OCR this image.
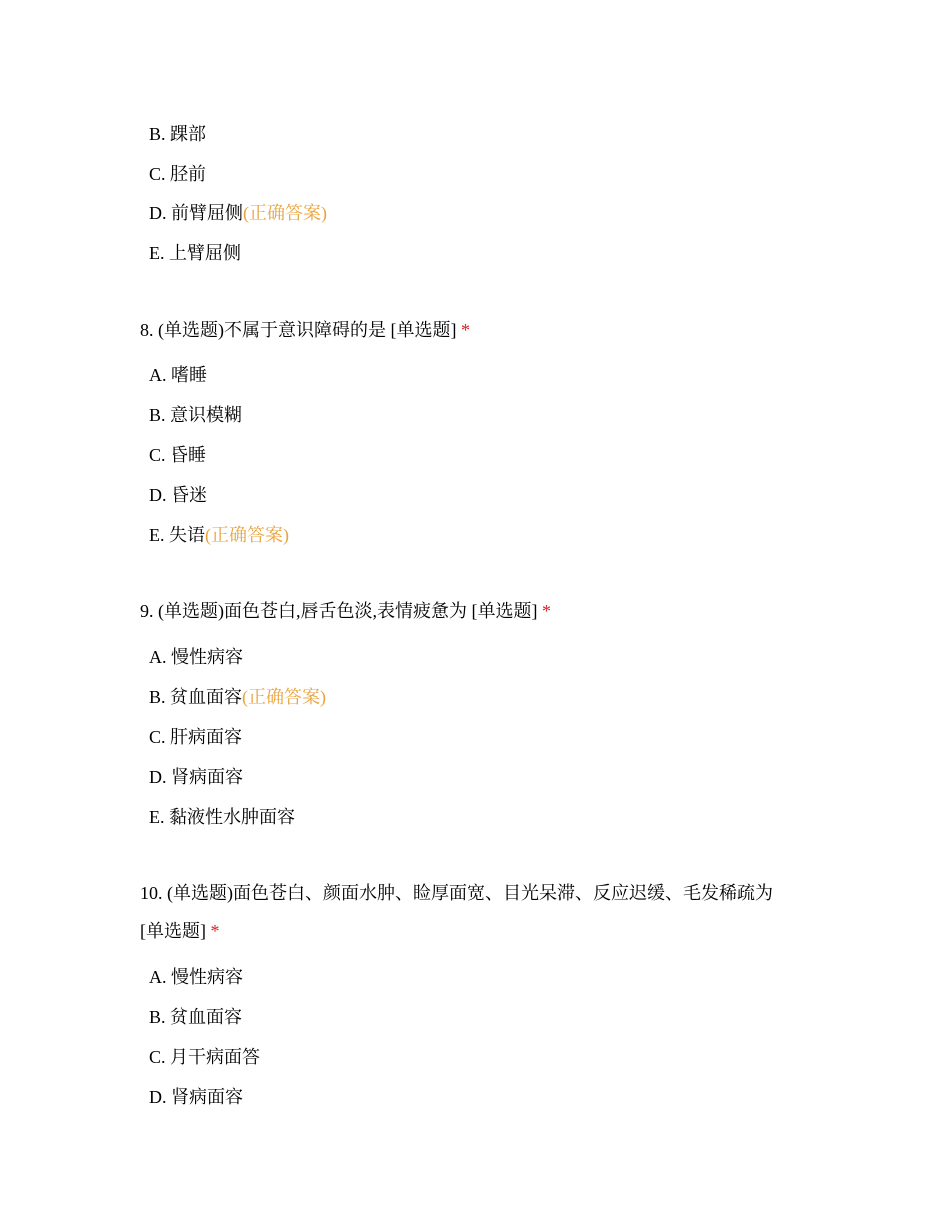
B. 踝部
C. 胫前
D. 前臂屈侧(正确答案)
E. 上臂屈侧
8. (单选题)不属于意识障碍的是 [单选题] *
A. 嗜睡
B. 意识模糊
C. 昏睡
D. 昏迷
E. 失语(正确答案)
9. (单选题)面色苍白,唇舌色淡,表情疲惫为 [单选题] *
A. 慢性病容
B. 贫血面容(正确答案)
C. 肝病面容
D. 肾病面容
E. 黏液性水肿面容
10. (单选题)面色苍白、颜面水肿、睑厚面宽、目光呆滞、反应迟缓、毛发稀疏为
[单选题] *
A. 慢性病容
B. 贫血面容
C. 月干病面答
D. 肾病面容
